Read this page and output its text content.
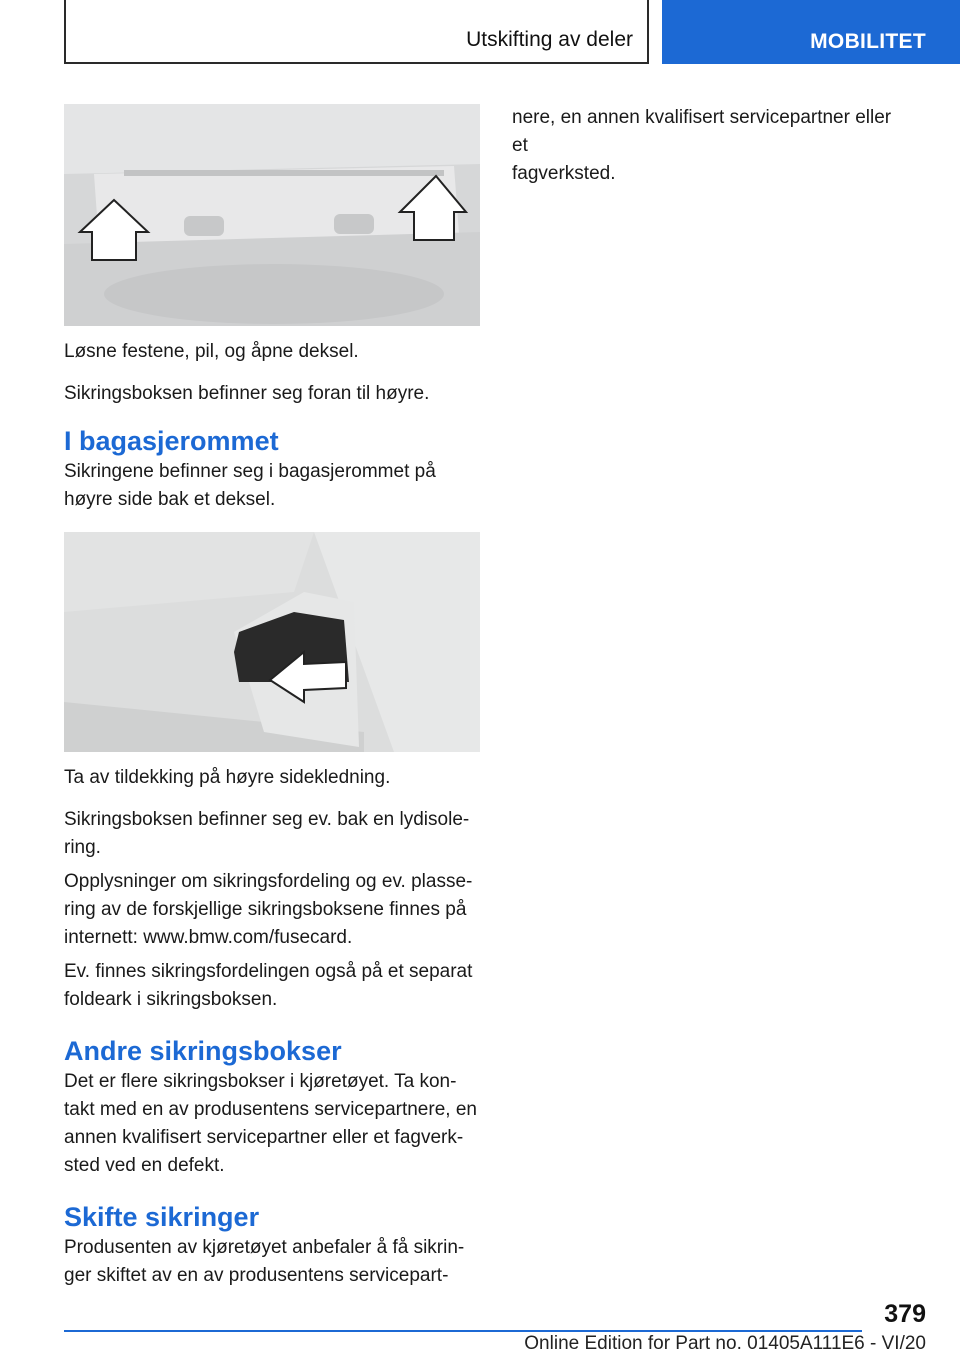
Utskifting av deler	MOBILITET

Løsne festene, pil, og åpne deksel.

Sikringsboksen befinner seg foran til høyre.

I bagasjerommet

Sikringene befinner seg i bagasjerommet på
høyre side bak et deksel.

Ta av tildekking på høyre sidekledning.

Sikringsboksen befinner seg ev. bak en lydisole-
ring.

Opplysninger om sikringsfordeling og ev. plasse-
ring av de forskjellige sikringsboksene finnes på
internett: www.bmw.com/fusecard.

Ev. finnes sikringsfordelingen også på et separat
foldeark i sikringsboksen.

Andre sikringsbokser

Det er flere sikringsbokser i kjøretøyet. Ta kon-
takt med en av produsentens servicepartnere, en
annen kvalifisert servicepartner eller et fagverk-
sted ved en defekt.

Skifte sikringer

Produsenten av kjøretøyet anbefaler å få sikrin-
ger skiftet av en av produsentens servicepart-

nere, en annen kvalifisert servicepartner eller et
fagverksted.

379
Online Edition for Part no. 01405A111E6 - VI/20
